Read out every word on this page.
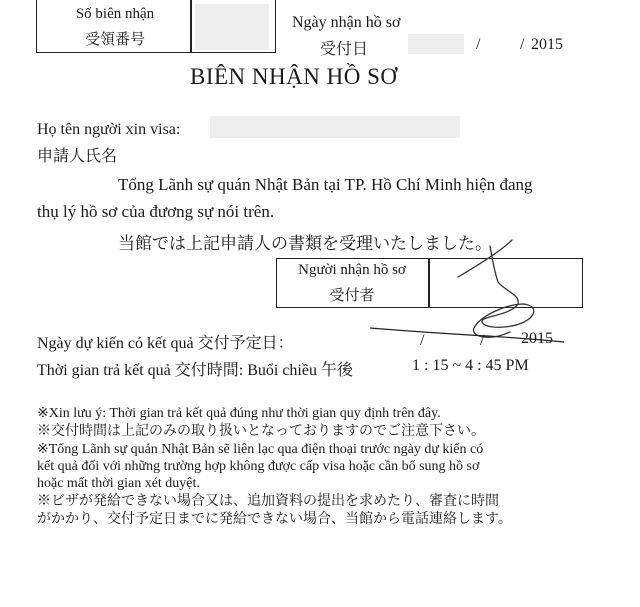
Số biên nhận
受領番号
Ngày nhận hồ sơ
受付日	/ / 2015
BIÊN NHẬN HỒ SƠ
Họ tên người xin visa:
申請人氏名
Tổng Lãnh sự quán Nhật Bản tại TP. Hồ Chí Minh hiện đang
thụ lý hồ sơ của đương sự nói trên.
当館では上記申請人の書類を受理いたしました。
Người nhận hồ sơ
受付者
Ngày dự kiến có kết quả 交付予定日：	/	/ 2015
Thời gian trả kết quả 交付時間: Buổi chiều 午後	1 : 15 ~ 4 : 45 PM
※Xin lưu ý: Thời gian trả kết quả đúng như thời gian quy định trên đây.
※交付時間は上記のみの取り扱いとなっておりますのでご注意下さい。
※Tổng Lãnh sự quán Nhật Bản sẽ liên lạc qua điện thoại trước ngày dự kiến có
kết quả đối với những trường hợp không được cấp visa hoặc cần bổ sung hồ sơ
hoặc mất thời gian xét duyệt.
※ビザが発給できない場合又は、追加資料の提出を求めたり、審査に時間
がかかり、交付予定日までに発給できない場合、当館から電話連絡します。
